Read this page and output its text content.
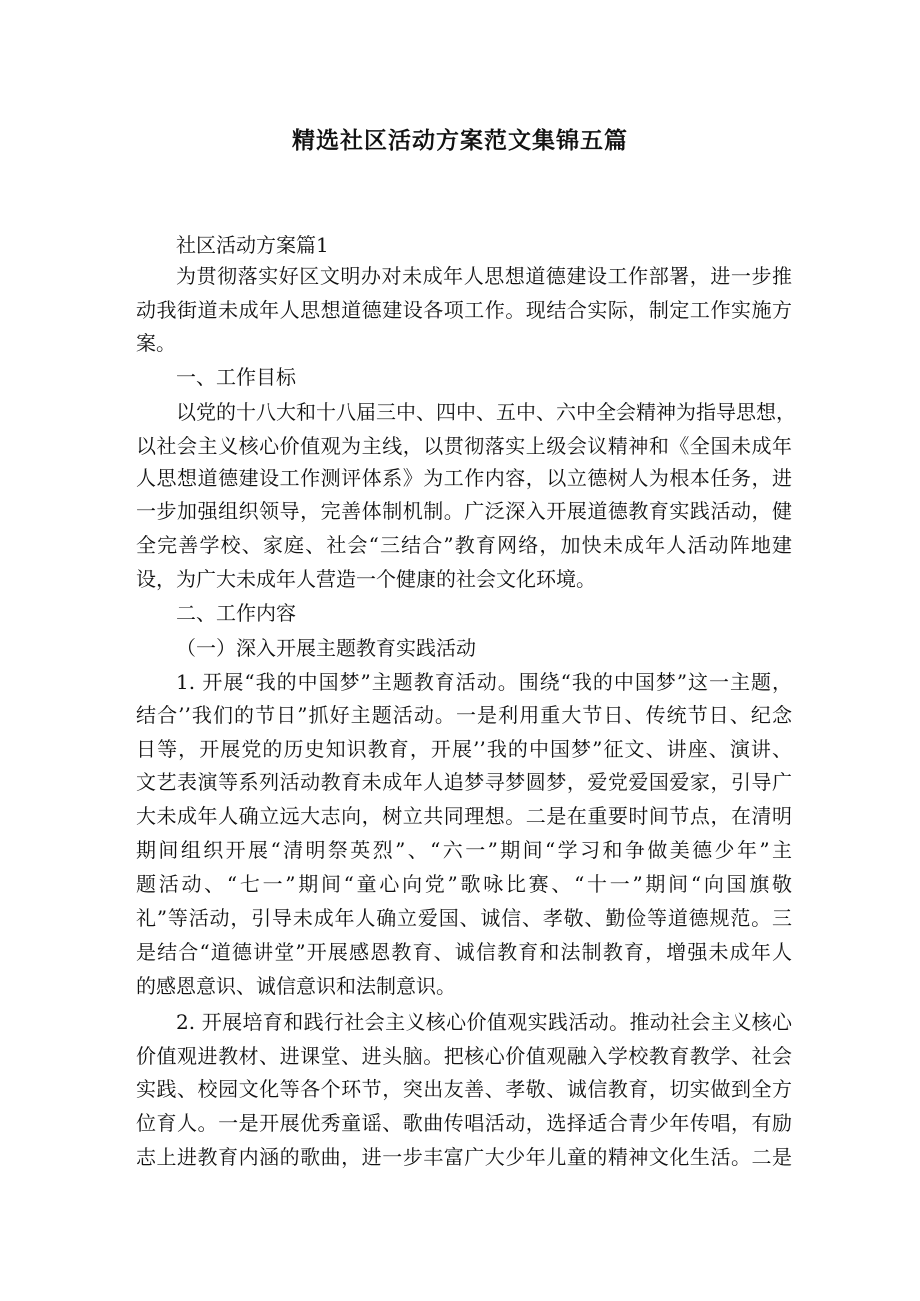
精选社区活动方案范文集锦五篇
社区活动方案篇1
为贯彻落实好区文明办对未成年人思想道德建设工作部署，进一步推
动我街道未成年人思想道德建设各项工作。现结合实际，制定工作实施方
案。
一、工作目标
以党的十八大和十八届三中、四中、五中、六中全会精神为指导思想，
以社会主义核心价值观为主线，以贯彻落实上级会议精神和《全国未成年
人思想道德建设工作测评体系》为工作内容，以立德树人为根本任务，进
一步加强组织领导，完善体制机制。广泛深入开展道德教育实践活动，健
全完善学校、家庭、社会“三结合”教育网络，加快未成年人活动阵地建
设，为广大未成年人营造一个健康的社会文化环境。
二、工作内容
（一）深入开展主题教育实践活动
1. 开展“我的中国梦”主题教育活动。围绕“我的中国梦”这一主题，
结合’’我们的节日”抓好主题活动。一是利用重大节日、传统节日、纪念
日等，开展党的历史知识教育，开展’’我的中国梦”征文、讲座、演讲、
文艺表演等系列活动教育未成年人追梦寻梦圆梦，爱党爱国爱家，引导广
大未成年人确立远大志向，树立共同理想。二是在重要时间节点，在清明
期间组织开展“清明祭英烈”、“六一”期间“学习和争做美德少年”主
题活动、“七一”期间“童心向党”歌咏比赛、“十一”期间“向国旗敬
礼”等活动，引导未成年人确立爱国、诚信、孝敬、勤俭等道德规范。三
是结合“道德讲堂”开展感恩教育、诚信教育和法制教育，增强未成年人
的感恩意识、诚信意识和法制意识。
2. 开展培育和践行社会主义核心价值观实践活动。推动社会主义核心
价值观进教材、进课堂、进头脑。把核心价值观融入学校教育教学、社会
实践、校园文化等各个环节，突出友善、孝敬、诚信教育，切实做到全方
位育人。一是开展优秀童谣、歌曲传唱活动，选择适合青少年传唱，有励
志上进教育内涵的歌曲，进一步丰富广大少年儿童的精神文化生活。二是
